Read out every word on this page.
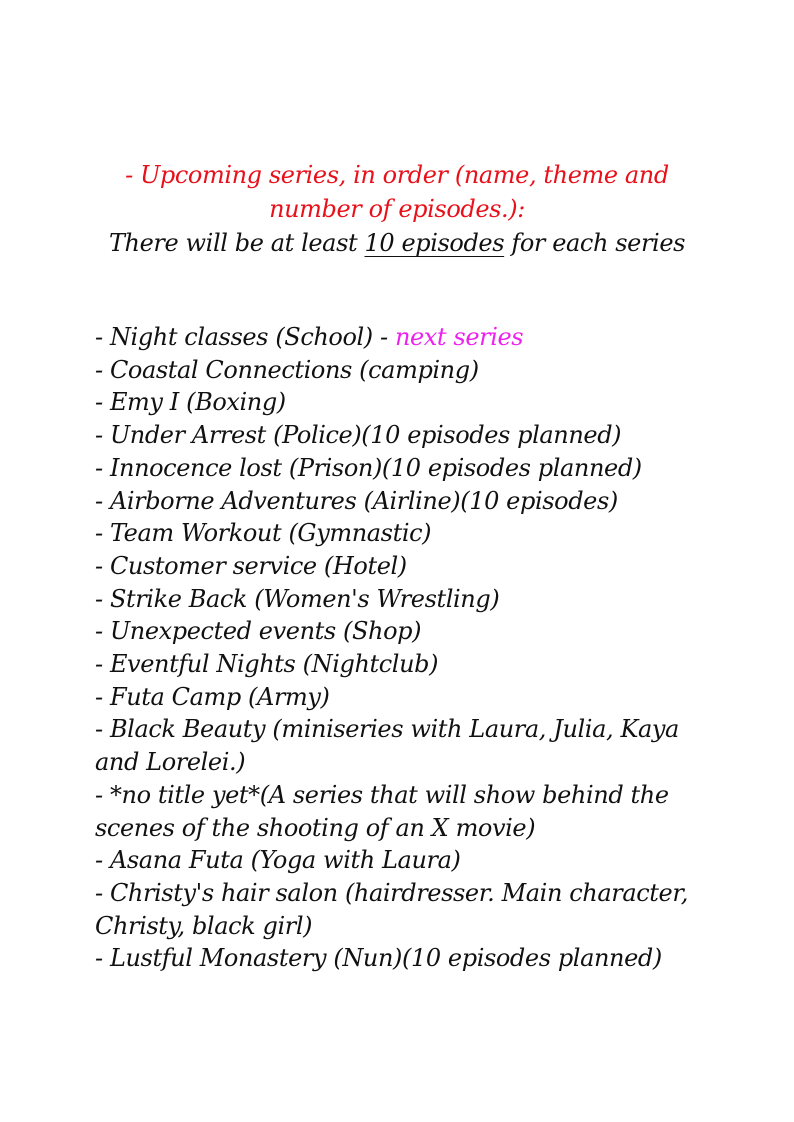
- Upcoming series, in order (name, theme and number of episodes.):
There will be at least 10 episodes for each series
- Night classes (School) - next series
- Coastal Connections (camping)
- Emy I (Boxing)
- Under Arrest (Police)(10 episodes planned)
- Innocence lost (Prison)(10 episodes planned)
- Airborne Adventures (Airline)(10 episodes)
- Team Workout (Gymnastic)
- Customer service (Hotel)
- Strike Back (Women's Wrestling)
- Unexpected events (Shop)
- Eventful Nights (Nightclub)
- Futa Camp (Army)
- Black Beauty (miniseries with Laura, Julia, Kaya and Lorelei.)
- *no title yet*(A series that will show behind the scenes of the shooting of an X movie)
- Asana Futa (Yoga with Laura)
- Christy's hair salon (hairdresser. Main character, Christy, black girl)
- Lustful Monastery (Nun)(10 episodes planned)
